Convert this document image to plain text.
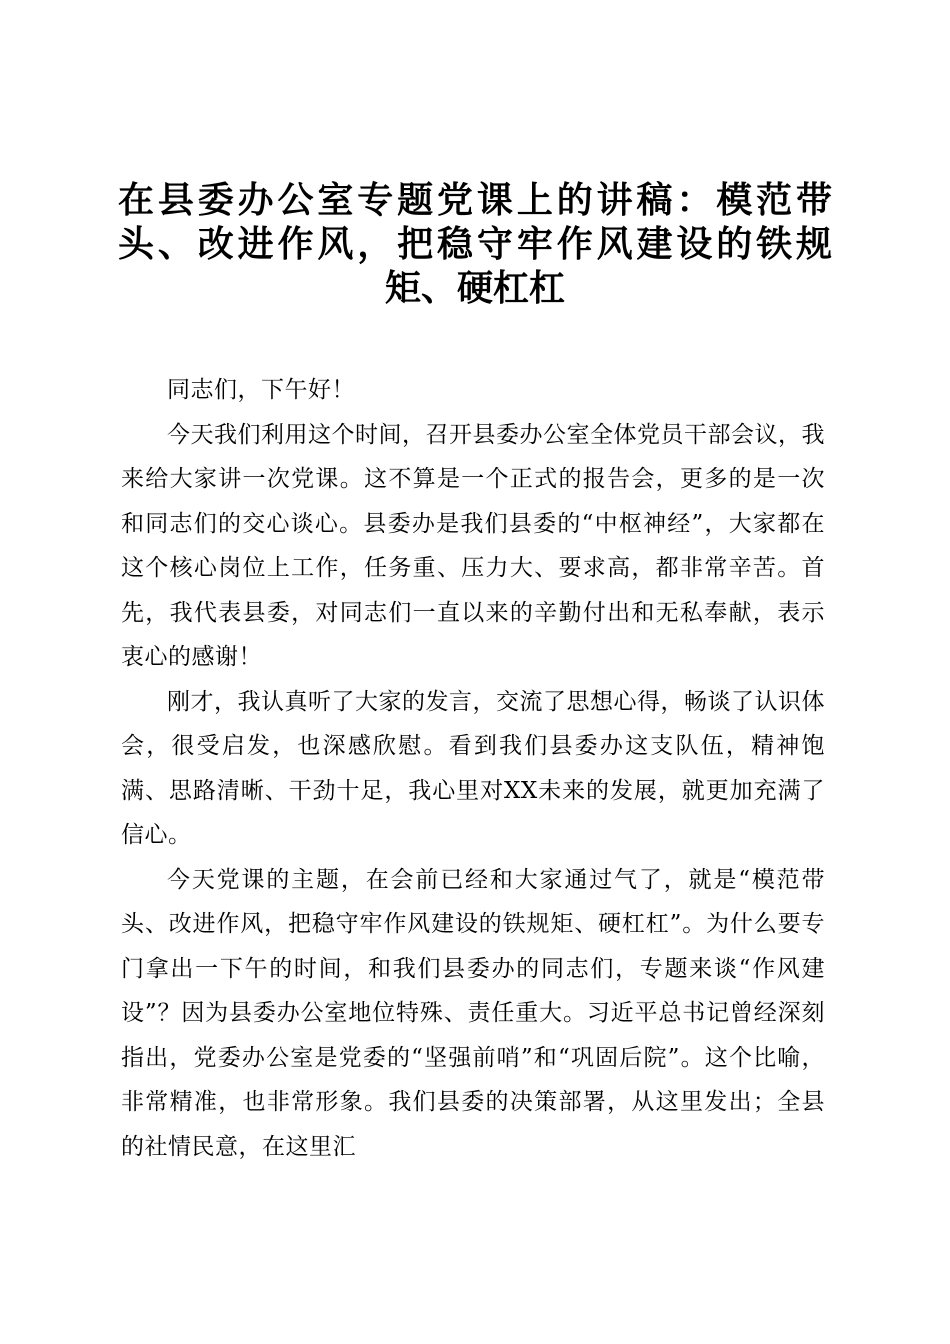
在县委办公室专题党课上的讲稿：模范带头、改进作风，把稳守牢作风建设的铁规矩、硬杠杠

同志们，下午好！

今天我们利用这个时间，召开县委办公室全体党员干部会议，我来给大家讲一次党课。这不算是一个正式的报告会，更多的是一次和同志们的交心谈心。县委办是我们县委的“中枢神经”，大家都在这个核心岗位上工作，任务重、压力大、要求高，都非常辛苦。首先，我代表县委，对同志们一直以来的辛勤付出和无私奉献，表示衷心的感谢！

刚才，我认真听了大家的发言，交流了思想心得，畅谈了认识体会，很受启发，也深感欣慰。看到我们县委办这支队伍，精神饱满、思路清晰、干劲十足，我心里对XX未来的发展，就更加充满了信心。

今天党课的主题，在会前已经和大家通过气了，就是“模范带头、改进作风，把稳守牢作风建设的铁规矩、硬杠杠”。为什么要专门拿出一下午的时间，和我们县委办的同志们，专题来谈“作风建设”？因为县委办公室地位特殊、责任重大。习近平总书记曾经深刻指出，党委办公室是党委的“坚强前哨”和“巩固后院”。这个比喻，非常精准，也非常形象。我们县委的决策部署，从这里发出；全县的社情民意，在这里汇
